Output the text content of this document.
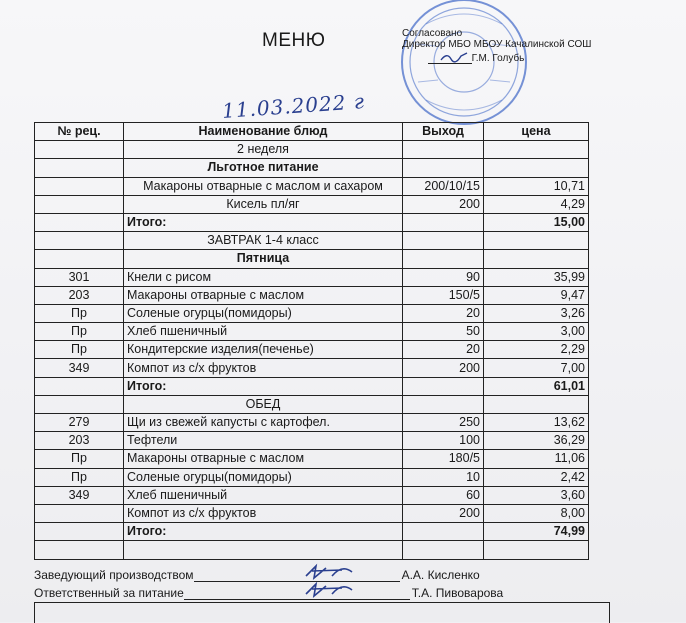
МЕНЮ	Согласовано
Директор МБО МБОУ Качалинской СОШ
Г.М. Голубь
11.03.2022 г
№ рец.	Наименование блюд	Выход	цена
	2 неделя		
	Льготное питание		
	Макароны отварные с маслом и сахаром	200/10/15	10,71
	Кисель пл/яг	200	4,29
	Итого:		15,00
	ЗАВТРАК 1-4 класс		
	Пятница		
301	Кнели с рисом	90	35,99
203	Макароны отварные с маслом	150/5	9,47
Пр	Соленые огурцы(помидоры)	20	3,26
Пр	Хлеб пшеничный	50	3,00
Пр	Кондитерские изделия(печенье)	20	2,29
349	Компот из с/х фруктов	200	7,00
	Итого:		61,01
	ОБЕД		
279	Щи из свежей капусты с картофел.	250	13,62
203	Тефтели	100	36,29
Пр	Макароны отварные с маслом	180/5	11,06
Пр	Соленые огурцы(помидоры)	10	2,42
349	Хлеб пшеничный	60	3,60
	Компот из с/х фруктов	200	8,00
	Итого:		74,99

Заведующий производством	А.А. Кисленко
Ответственный за питание	Т.А. Пивоварова
